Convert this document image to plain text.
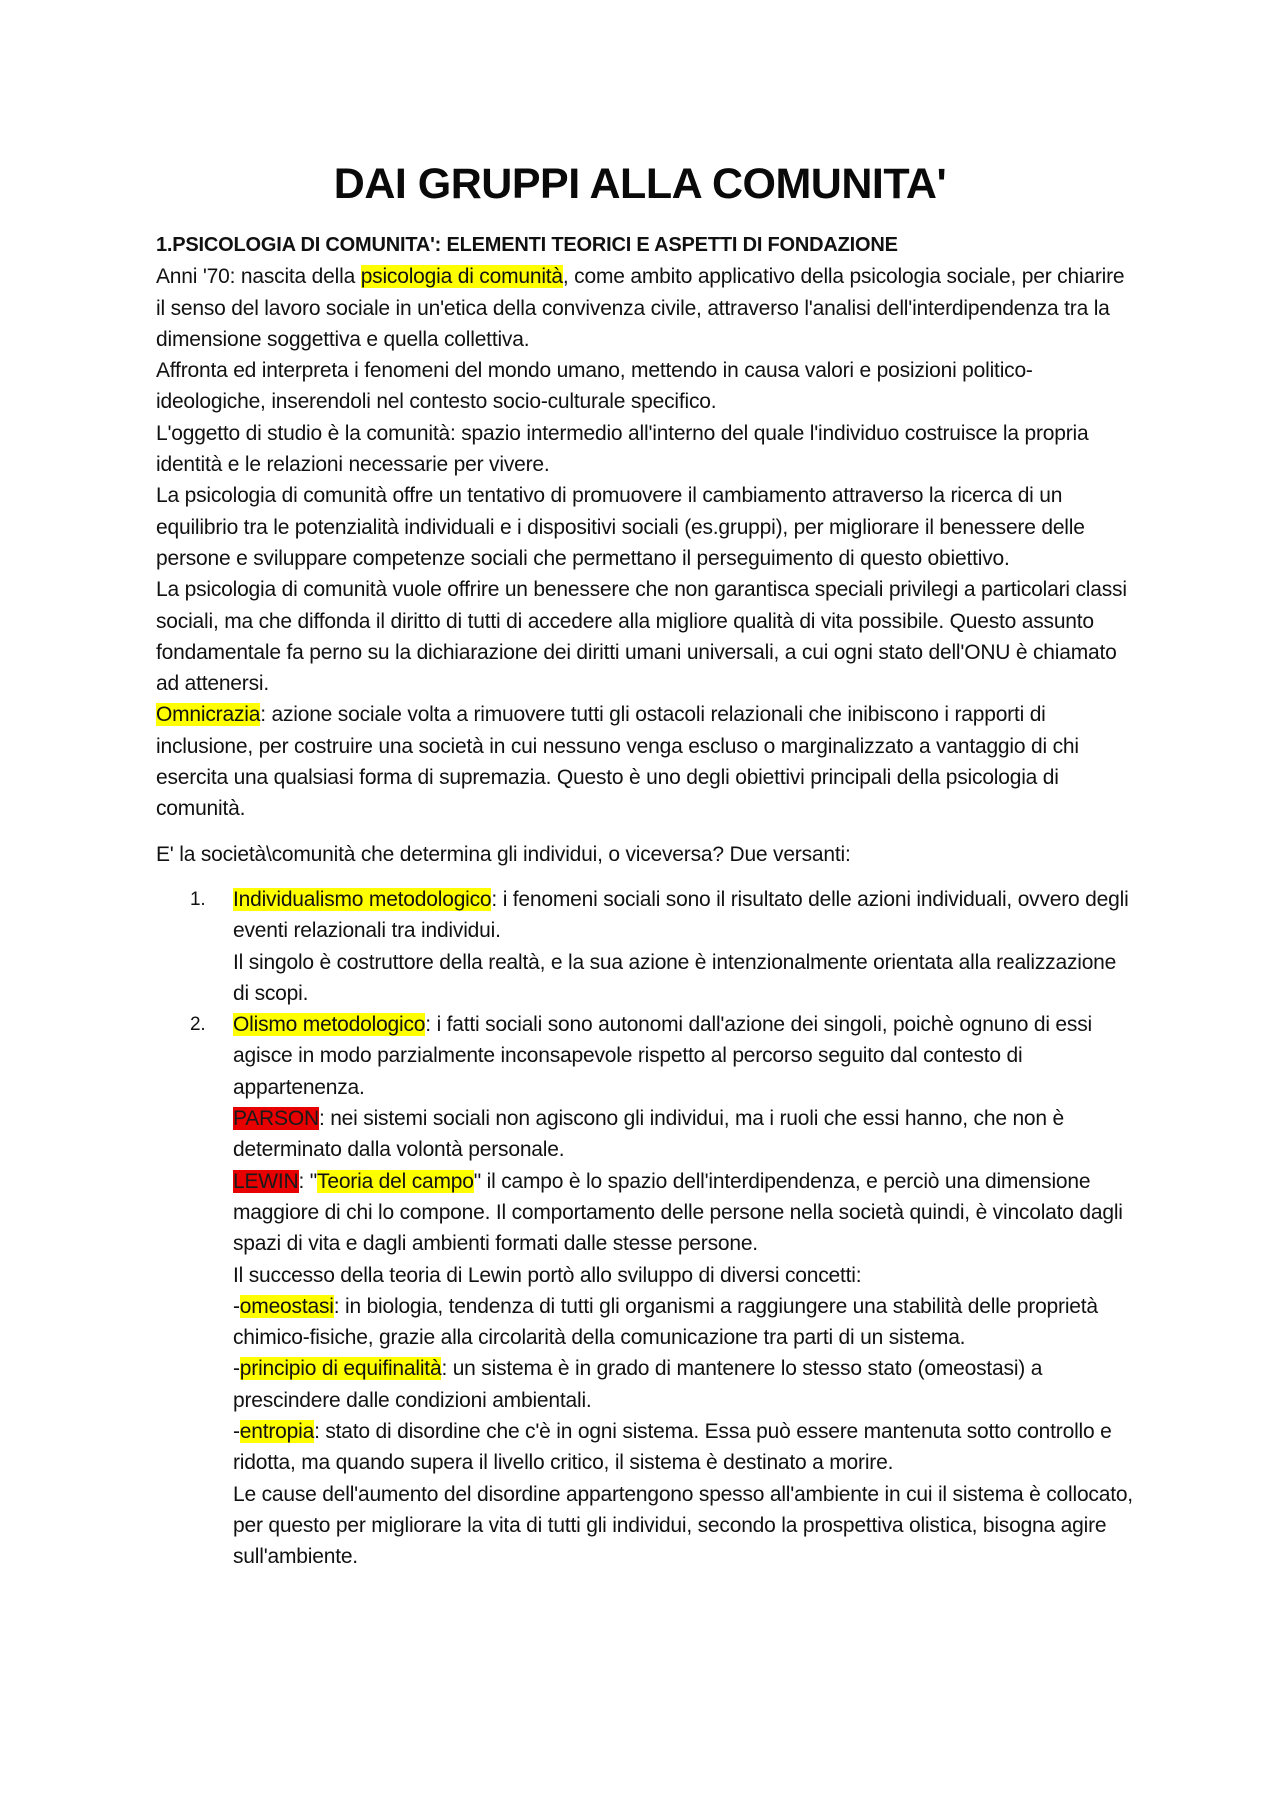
DAI GRUPPI ALLA COMUNITA'
1.PSICOLOGIA DI COMUNITA': ELEMENTI TEORICI E ASPETTI DI FONDAZIONE

Anni '70: nascita della psicologia di comunità, come ambito applicativo della psicologia sociale, per chiarire il senso del lavoro sociale in un'etica della convivenza civile, attraverso l'analisi dell'interdipendenza tra la dimensione soggettiva e quella collettiva.

Affronta ed interpreta i fenomeni del mondo umano, mettendo in causa valori e posizioni politico-ideologiche, inserendoli nel contesto socio-culturale specifico.

L'oggetto di studio è la comunità: spazio intermedio all'interno del quale l'individuo costruisce la propria identità e le relazioni necessarie per vivere.

La psicologia di comunità offre un tentativo di promuovere il cambiamento attraverso la ricerca di un equilibrio tra le potenzialità individuali e i dispositivi sociali (es.gruppi), per migliorare il benessere delle persone e sviluppare competenze sociali che permettano il perseguimento di questo obiettivo.

La psicologia di comunità vuole offrire un benessere che non garantisca speciali privilegi a particolari classi sociali, ma che diffonda il diritto di tutti di accedere alla migliore qualità di vita possibile. Questo assunto fondamentale fa perno su la dichiarazione dei diritti umani universali, a cui ogni stato dell'ONU è chiamato ad attenersi.

Omnicrazia: azione sociale volta a rimuovere tutti gli ostacoli relazionali che inibiscono i rapporti di inclusione, per costruire una società in cui nessuno venga escluso o marginalizzato a vantaggio di chi esercita una qualsiasi forma di supremazia. Questo è uno degli obiettivi principali della psicologia di comunità.

E' la società\comunità che determina gli individui, o viceversa? Due versanti:

1. Individualismo metodologico: i fenomeni sociali sono il risultato delle azioni individuali, ovvero degli eventi relazionali tra individui.
Il singolo è costruttore della realtà, e la sua azione è intenzionalmente orientata alla realizzazione di scopi.
2. Olismo metodologico: i fatti sociali sono autonomi dall'azione dei singoli, poichè ognuno di essi agisce in modo parzialmente inconsapevole rispetto al percorso seguito dal contesto di appartenenza.
PARSON: nei sistemi sociali non agiscono gli individui, ma i ruoli che essi hanno, che non è determinato dalla volontà personale.
LEWIN: "Teoria del campo" il campo è lo spazio dell'interdipendenza, e perciò una dimensione maggiore di chi lo compone. Il comportamento delle persone nella società quindi, è vincolato dagli spazi di vita e dagli ambienti formati dalle stesse persone.
Il successo della teoria di Lewin portò allo sviluppo di diversi concetti:
-omeostasi: in biologia, tendenza di tutti gli organismi a raggiungere una stabilità delle proprietà chimico-fisiche, grazie alla circolarità della comunicazione tra parti di un sistema.
-principio di equifinalità: un sistema è in grado di mantenere lo stesso stato (omeostasi) a prescindere dalle condizioni ambientali.
-entropia: stato di disordine che c'è in ogni sistema. Essa può essere mantenuta sotto controllo e ridotta, ma quando supera il livello critico, il sistema è destinato a morire.
Le cause dell'aumento del disordine appartengono spesso all'ambiente in cui il sistema è collocato, per questo per migliorare la vita di tutti gli individui, secondo la prospettiva olistica, bisogna agire sull'ambiente.
